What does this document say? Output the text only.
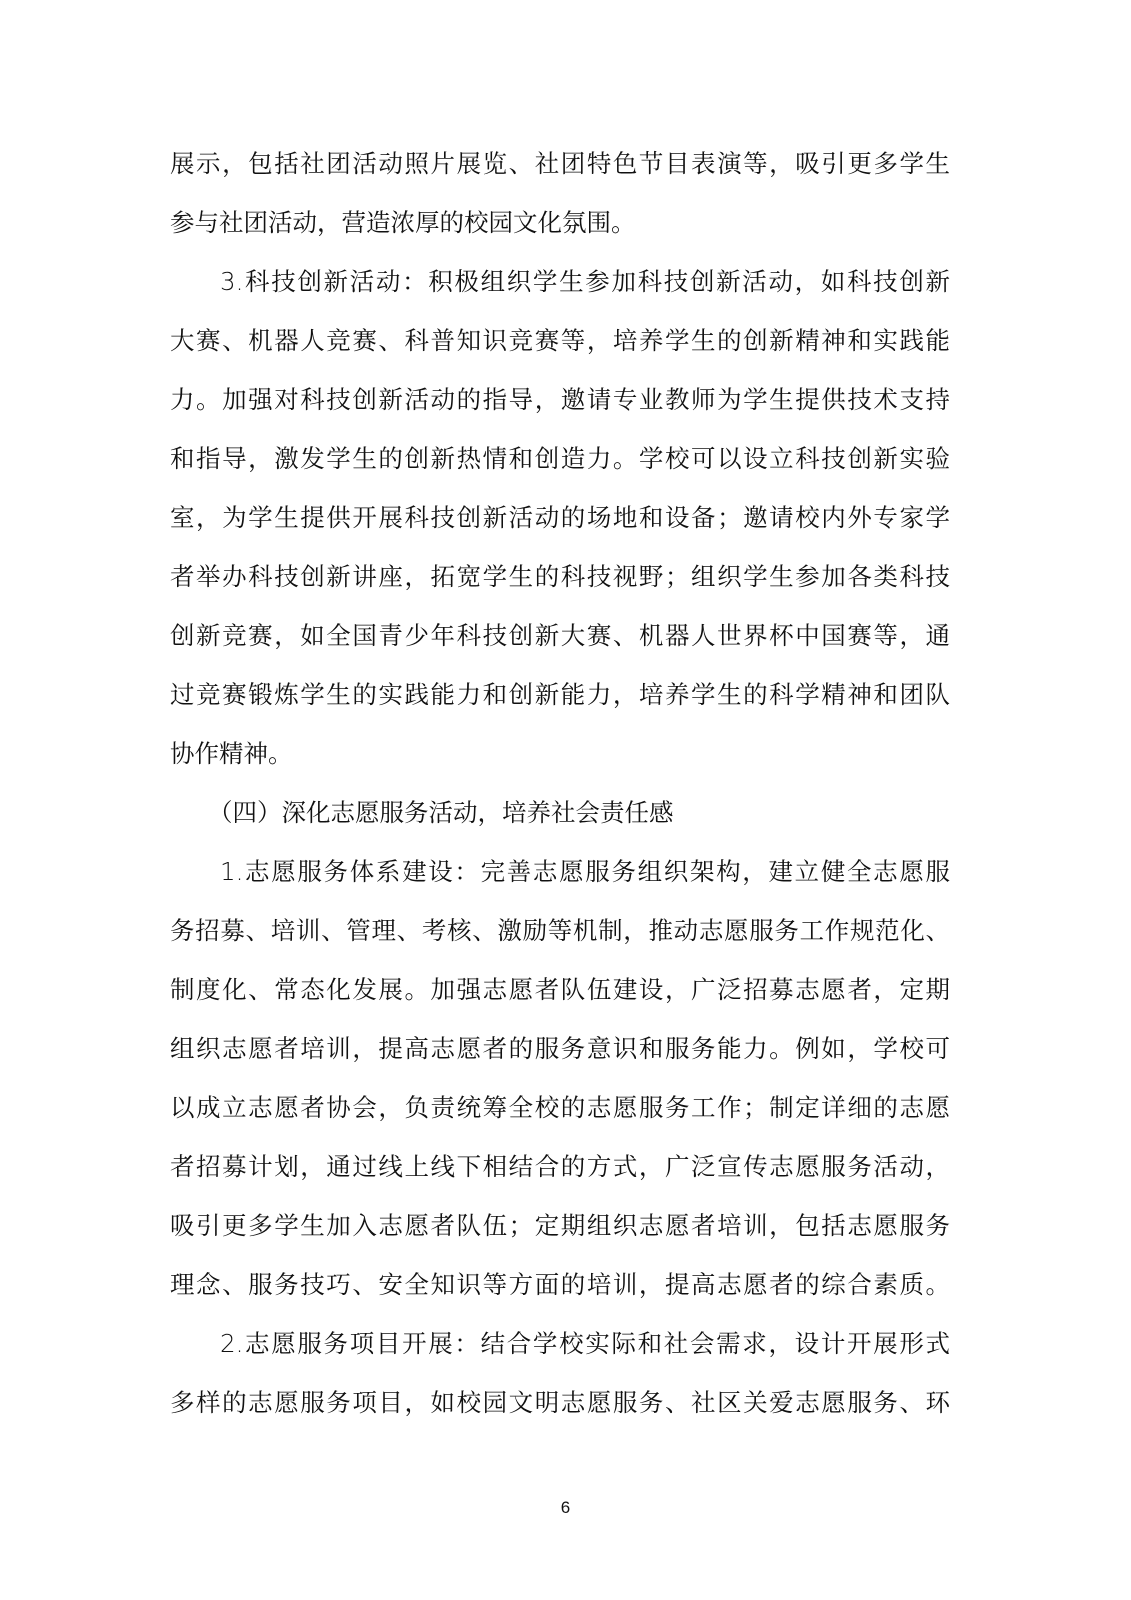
展示，包括社团活动照片展览、社团特色节目表演等，吸引更多学生
参与社团活动，营造浓厚的校园文化氛围。
3.科技创新活动：积极组织学生参加科技创新活动，如科技创新
大赛、机器人竞赛、科普知识竞赛等，培养学生的创新精神和实践能
力。加强对科技创新活动的指导，邀请专业教师为学生提供技术支持
和指导，激发学生的创新热情和创造力。学校可以设立科技创新实验
室，为学生提供开展科技创新活动的场地和设备；邀请校内外专家学
者举办科技创新讲座，拓宽学生的科技视野；组织学生参加各类科技
创新竞赛，如全国青少年科技创新大赛、机器人世界杯中国赛等，通
过竞赛锻炼学生的实践能力和创新能力，培养学生的科学精神和团队
协作精神。
（四）深化志愿服务活动，培养社会责任感
1.志愿服务体系建设：完善志愿服务组织架构，建立健全志愿服
务招募、培训、管理、考核、激励等机制，推动志愿服务工作规范化、
制度化、常态化发展。加强志愿者队伍建设，广泛招募志愿者，定期
组织志愿者培训，提高志愿者的服务意识和服务能力。例如，学校可
以成立志愿者协会，负责统筹全校的志愿服务工作；制定详细的志愿
者招募计划，通过线上线下相结合的方式，广泛宣传志愿服务活动，
吸引更多学生加入志愿者队伍；定期组织志愿者培训，包括志愿服务
理念、服务技巧、安全知识等方面的培训，提高志愿者的综合素质。
2.志愿服务项目开展：结合学校实际和社会需求，设计开展形式
多样的志愿服务项目，如校园文明志愿服务、社区关爱志愿服务、环
6
